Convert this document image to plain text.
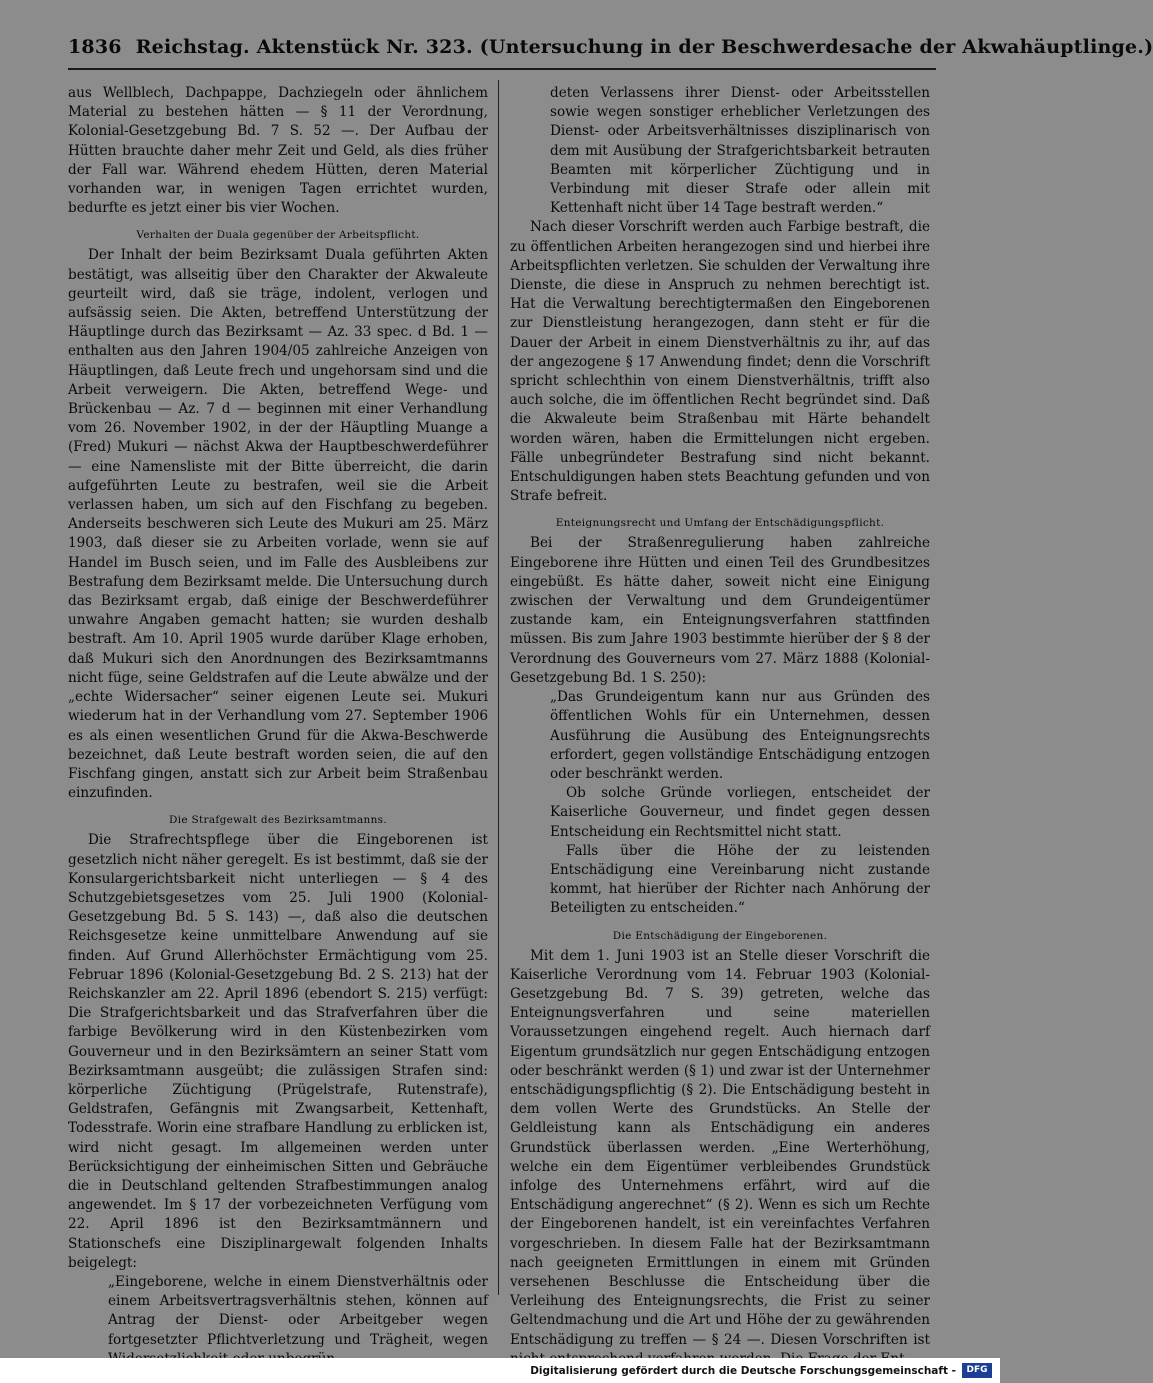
1836 Reichstag. Aktenstück Nr. 323. (Untersuchung in der Beschwerdesache der Akwahäuptlinge.)

aus Wellblech, Dachpappe, Dachziegeln oder ähnlichem Material zu bestehen hätten — § 11 der Verordnung, Kolonial-Gesetzgebung Bd. 7 S. 52 —. Der Aufbau der Hütten brauchte daher mehr Zeit und Geld, als dies früher der Fall war. Während ehedem Hütten, deren Material vorhanden war, in wenigen Tagen errichtet wurden, bedurfte es jetzt einer bis vier Wochen.

Verhalten der Duala gegenüber der Arbeitspflicht.

Der Inhalt der beim Bezirksamt Duala geführten Akten bestätigt, was allseitig über den Charakter der Akwaleute geurteilt wird, daß sie träge, indolent, verlogen und aufsässig seien. Die Akten, betreffend Unterstützung der Häuptlinge durch das Bezirksamt — Az. 33 spec. d Bd. 1 — enthalten aus den Jahren 1904/05 zahlreiche Anzeigen von Häuptlingen, daß Leute frech und ungehorsam sind und die Arbeit verweigern. Die Akten, betreffend Wege- und Brückenbau — Az. 7 d — beginnen mit einer Verhandlung vom 26. November 1902, in der der Häuptling Muange a (Fred) Mukuri — nächst Akwa der Hauptbeschwerdeführer — eine Namensliste mit der Bitte überreicht, die darin aufgeführten Leute zu bestrafen, weil sie die Arbeit verlassen haben, um sich auf den Fischfang zu begeben. Anderseits beschweren sich Leute des Mukuri am 25. März 1903, daß dieser sie zu Arbeiten vorlade, wenn sie auf Handel im Busch seien, und im Falle des Ausbleibens zur Bestrafung dem Bezirksamt melde. Die Untersuchung durch das Bezirksamt ergab, daß einige der Beschwerdeführer unwahre Angaben gemacht hatten; sie wurden deshalb bestraft. Am 10. April 1905 wurde darüber Klage erhoben, daß Mukuri sich den Anordnungen des Bezirksamtmanns nicht füge, seine Geldstrafen auf die Leute abwälze und der „echte Widersacher“ seiner eigenen Leute sei. Mukuri wiederum hat in der Verhandlung vom 27. September 1906 es als einen wesentlichen Grund für die Akwa-Beschwerde bezeichnet, daß Leute bestraft worden seien, die auf den Fischfang gingen, anstatt sich zur Arbeit beim Straßenbau einzufinden.

Die Strafgewalt des Bezirksamtmanns.

Die Strafrechtspflege über die Eingeborenen ist gesetzlich nicht näher geregelt. Es ist bestimmt, daß sie der Konsulargerichtsbarkeit nicht unterliegen — § 4 des Schutzgebietsgesetzes vom 25. Juli 1900 (Kolonial-Gesetzgebung Bd. 5 S. 143) —, daß also die deutschen Reichsgesetze keine unmittelbare Anwendung auf sie finden. Auf Grund Allerhöchster Ermächtigung vom 25. Februar 1896 (Kolonial-Gesetzgebung Bd. 2 S. 213) hat der Reichskanzler am 22. April 1896 (ebendort S. 215) verfügt: Die Strafgerichtsbarkeit und das Strafverfahren über die farbige Bevölkerung wird in den Küstenbezirken vom Gouverneur und in den Bezirksämtern an seiner Statt vom Bezirksamtmann ausgeübt; die zulässigen Strafen sind: körperliche Züchtigung (Prügelstrafe, Rutenstrafe), Geldstrafen, Gefängnis mit Zwangsarbeit, Kettenhaft, Todesstrafe. Worin eine strafbare Handlung zu erblicken ist, wird nicht gesagt. Im allgemeinen werden unter Berücksichtigung der einheimischen Sitten und Gebräuche die in Deutschland geltenden Strafbestimmungen analog angewendet. Im § 17 der vorbezeichneten Verfügung vom 22. April 1896 ist den Bezirksamtmännern und Stationschefs eine Disziplinargewalt folgenden Inhalts beigelegt:

„Eingeborene, welche in einem Dienstverhältnis oder einem Arbeitsvertragsverhältnis stehen, können auf Antrag der Dienst- oder Arbeitgeber wegen fortgesetzter Pflichtverletzung und Trägheit, wegen

deten Verlassens ihrer Dienst- oder Arbeitsstellen sowie wegen sonstiger erheblicher Verletzungen des Dienst- oder Arbeitsverhältnisses disziplinarisch von dem mit Ausübung der Strafgerichtsbarkeit betrauten Beamten mit körperlicher Züchtigung und in Verbindung mit dieser Strafe oder allein mit Kettenhaft nicht über 14 Tage bestraft werden.“

Nach dieser Vorschrift werden auch Farbige bestraft, die zu öffentlichen Arbeiten herangezogen sind und hierbei ihre Arbeitspflichten verletzen. Sie schulden der Verwaltung ihre Dienste, die diese in Anspruch zu nehmen berechtigt ist. Hat die Verwaltung berechtigtermaßen den Eingeborenen zur Dienstleistung herangezogen, dann steht er für die Dauer der Arbeit in einem Dienstverhältnis zu ihr, auf das der angezogene § 17 Anwendung findet; denn die Vorschrift spricht schlechthin von einem Dienstverhältnis, trifft also auch solche, die im öffentlichen Recht begründet sind. Daß die Akwaleute beim Straßenbau mit Härte behandelt worden wären, haben die Ermittelungen nicht ergeben. Fälle unbegründeter Bestrafung sind nicht bekannt. Entschuldigungen haben stets Beachtung gefunden und von Strafe befreit.

Enteignungsrecht und Umfang der Entschädigungspflicht.

Bei der Straßenregulierung haben zahlreiche Eingeborene ihre Hütten und einen Teil des Grundbesitzes eingebüßt. Es hätte daher, soweit nicht eine Einigung zwischen der Verwaltung und dem Grundeigentümer zustande kam, ein Enteignungsverfahren stattfinden müssen. Bis zum Jahre 1903 bestimmte hierüber der § 8 der Verordnung des Gouverneurs vom 27. März 1888 (Kolonial-Gesetzgebung Bd. 1 S. 250):

„Das Grundeigentum kann nur aus Gründen des öffentlichen Wohls für ein Unternehmen, dessen Ausführung die Ausübung des Enteignungsrechts erfordert, gegen vollständige Entschädigung entzogen oder beschränkt werden.

Ob solche Gründe vorliegen, entscheidet der Kaiserliche Gouverneur, und findet gegen dessen Entscheidung ein Rechtsmittel nicht statt.

Falls über die Höhe der zu leistenden Entschädigung eine Vereinbarung nicht zustande kommt, hat hierüber der Richter nach Anhörung der Beteiligten zu entscheiden.“

Die Entschädigung der Eingeborenen.

Mit dem 1. Juni 1903 ist an Stelle dieser Vorschrift die Kaiserliche Verordnung vom 14. Februar 1903 (Kolonial-Gesetzgebung Bd. 7 S. 39) getreten, welche das Enteignungsverfahren und seine materiellen Voraussetzungen eingehend regelt. Auch hiernach darf Eigentum grundsätzlich nur gegen Entschädigung entzogen oder beschränkt werden (§ 1) und zwar ist der Unternehmer entschädigungspflichtig (§ 2). Die Entschädigung besteht in dem vollen Werte des Grundstücks. An Stelle der Geldleistung kann als Entschädigung ein anderes Grundstück überlassen werden. „Eine Werterhöhung, welche ein dem Eigentümer verbleibendes Grundstück infolge des Unternehmens erfährt, wird auf die Entschädigung angerechnet“ (§ 2). Wenn es sich um Rechte der Eingeborenen handelt, ist ein vereinfachtes Verfahren vorgeschrieben. In diesem Falle hat der Bezirksamtmann nach geeigneten Ermittlungen in einem mit Gründen versehenen Beschlusse die Entscheidung über die Verleihung des Enteignungsrechts, die Frist zu seiner Geltendmachung und die Art und Höhe der zu gewährenden Entschädigung zu treffen — § 24 —. Diesen Vorschriften ist

Digitalisierung gefördert durch die Deutsche Forschungsgemeinschaft -	DFG
